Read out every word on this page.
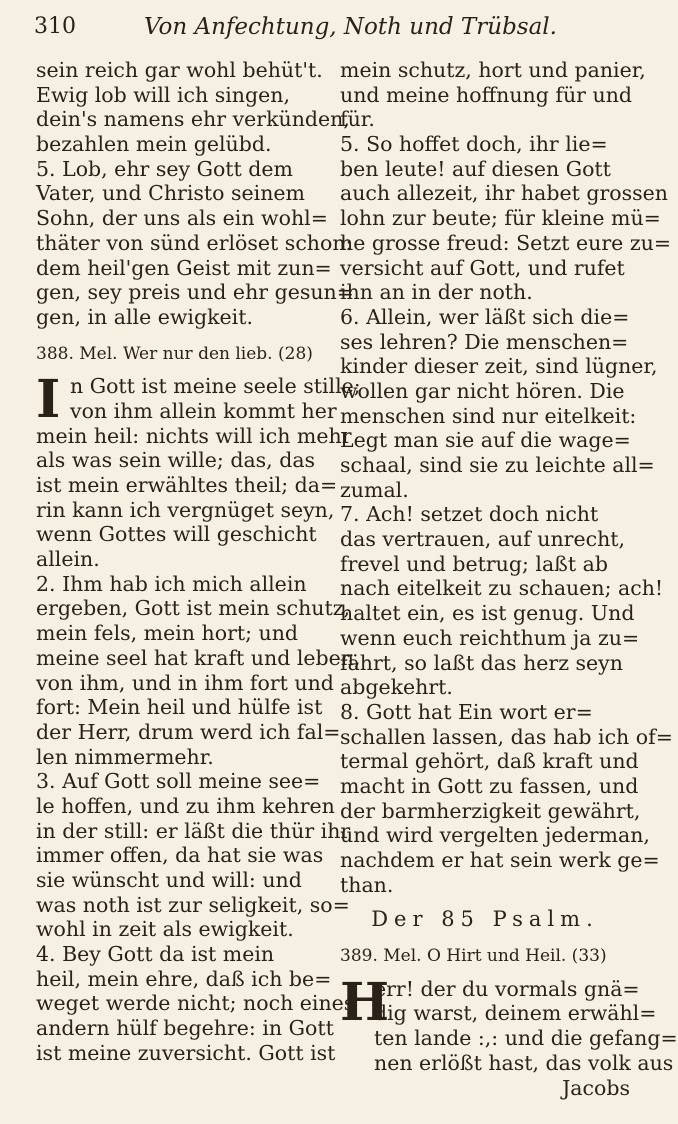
310	Von Anfechtung, Noth und Trübsal.
sein reich gar wohl behüt't.
Ewig lob will ich singen,
dein's namens ehr verkünden,
bezahlen mein gelübd.
5. Lob, ehr sey Gott dem
Vater, und Christo seinem
Sohn, der uns als ein wohl=
thäter von sünd erlöset schon:
dem heil'gen Geist mit zun=
gen, sey preis und ehr gesun=
gen, in alle ewigkeit.
388. Mel. Wer nur den lieb. (28)
I n Gott ist meine seele stille;
von ihm allein kommt her
mein heil: nichts will ich mehr
als was sein wille; das, das
ist mein erwähltes theil; da=
rin kann ich vergnüget seyn,
wenn Gottes will geschicht
allein.
2. Ihm hab ich mich allein
ergeben, Gott ist mein schutz,
mein fels, mein hort; und
meine seel hat kraft und leben,
von ihm, und in ihm fort und
fort: Mein heil und hülfe ist
der Herr, drum werd ich fal=
len nimmermehr.
3. Auf Gott soll meine see=
le hoffen, und zu ihm kehren
in der still: er läßt die thür ihr
immer offen, da hat sie was
sie wünscht und will: und
was noth ist zur seligkeit, so=
wohl in zeit als ewigkeit.
4. Bey Gott da ist mein
heil, mein ehre, daß ich be=
weget werde nicht; noch eines
andern hülf begehre: in Gott
ist meine zuversicht. Gott ist
mein schutz, hort und panier,
und meine hoffnung für und
für.
5. So hoffet doch, ihr lie=
ben leute! auf diesen Gott
auch allezeit, ihr habet grossen
lohn zur beute; für kleine mü=
he grosse freud: Setzt eure zu=
versicht auf Gott, und rufet
ihn an in der noth.
6. Allein, wer läßt sich die=
ses lehren? Die menschen=
kinder dieser zeit, sind lügner,
wollen gar nicht hören. Die
menschen sind nur eitelkeit:
Legt man sie auf die wage=
schaal, sind sie zu leichte all=
zumal.
7. Ach! setzet doch nicht
das vertrauen, auf unrecht,
frevel und betrug; laßt ab
nach eitelkeit zu schauen; ach!
haltet ein, es ist genug. Und
wenn euch reichthum ja zu=
fährt, so laßt das herz seyn
abgekehrt.
8. Gott hat Ein wort er=
schallen lassen, das hab ich of=
termal gehört, daß kraft und
macht in Gott zu fassen, und
der barmherzigkeit gewährt,
und wird vergelten jederman,
nachdem er hat sein werk ge=
than.
Der 85 Psalm.
389. Mel. O Hirt und Heil. (33)
H
err! der du vormals gnä=
dig warst, deinem erwähl=
ten lande :,: und die gefang=
nen erlößt hast, das volk aus
Jacobs
